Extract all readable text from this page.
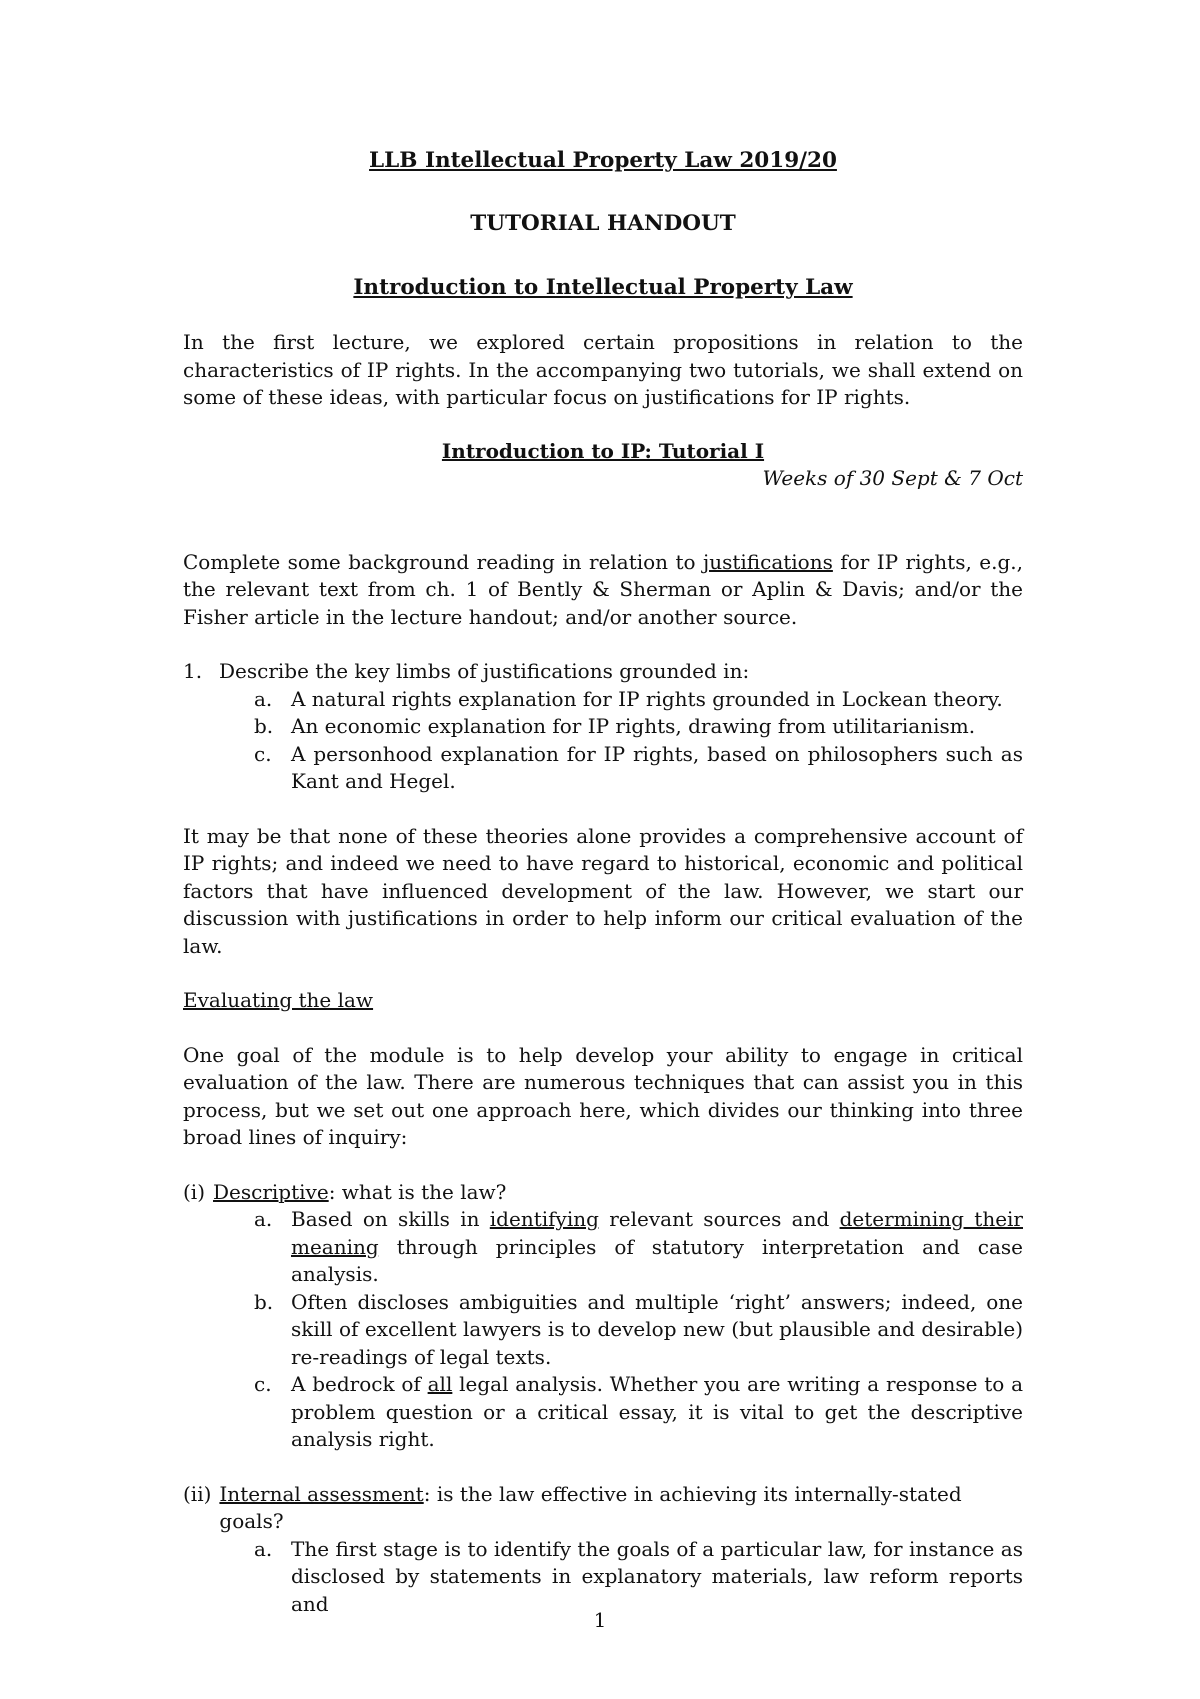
LLB Intellectual Property Law 2019/20
TUTORIAL HANDOUT
Introduction to Intellectual Property Law

In the first lecture, we explored certain propositions in relation to the characteristics of IP rights. In the accompanying two tutorials, we shall extend on some of these ideas, with particular focus on justifications for IP rights.

Introduction to IP: Tutorial I
Weeks of 30 Sept & 7 Oct

Complete some background reading in relation to justifications for IP rights, e.g., the relevant text from ch. 1 of Bently & Sherman or Aplin & Davis; and/or the Fisher article in the lecture handout; and/or another source.

1. Describe the key limbs of justifications grounded in:
a. A natural rights explanation for IP rights grounded in Lockean theory.
b. An economic explanation for IP rights, drawing from utilitarianism.
c. A personhood explanation for IP rights, based on philosophers such as Kant and Hegel.

It may be that none of these theories alone provides a comprehensive account of IP rights; and indeed we need to have regard to historical, economic and political factors that have influenced development of the law. However, we start our discussion with justifications in order to help inform our critical evaluation of the law.

Evaluating the law

One goal of the module is to help develop your ability to engage in critical evaluation of the law. There are numerous techniques that can assist you in this process, but we set out one approach here, which divides our thinking into three broad lines of inquiry:

(i) Descriptive: what is the law?
a. Based on skills in identifying relevant sources and determining their meaning through principles of statutory interpretation and case analysis.
b. Often discloses ambiguities and multiple ‘right’ answers; indeed, one skill of excellent lawyers is to develop new (but plausible and desirable) re-readings of legal texts.
c. A bedrock of all legal analysis. Whether you are writing a response to a problem question or a critical essay, it is vital to get the descriptive analysis right.
(ii) Internal assessment: is the law effective in achieving its internally-stated goals?
a. The first stage is to identify the goals of a particular law, for instance as disclosed by statements in explanatory materials, law reform reports and
1
